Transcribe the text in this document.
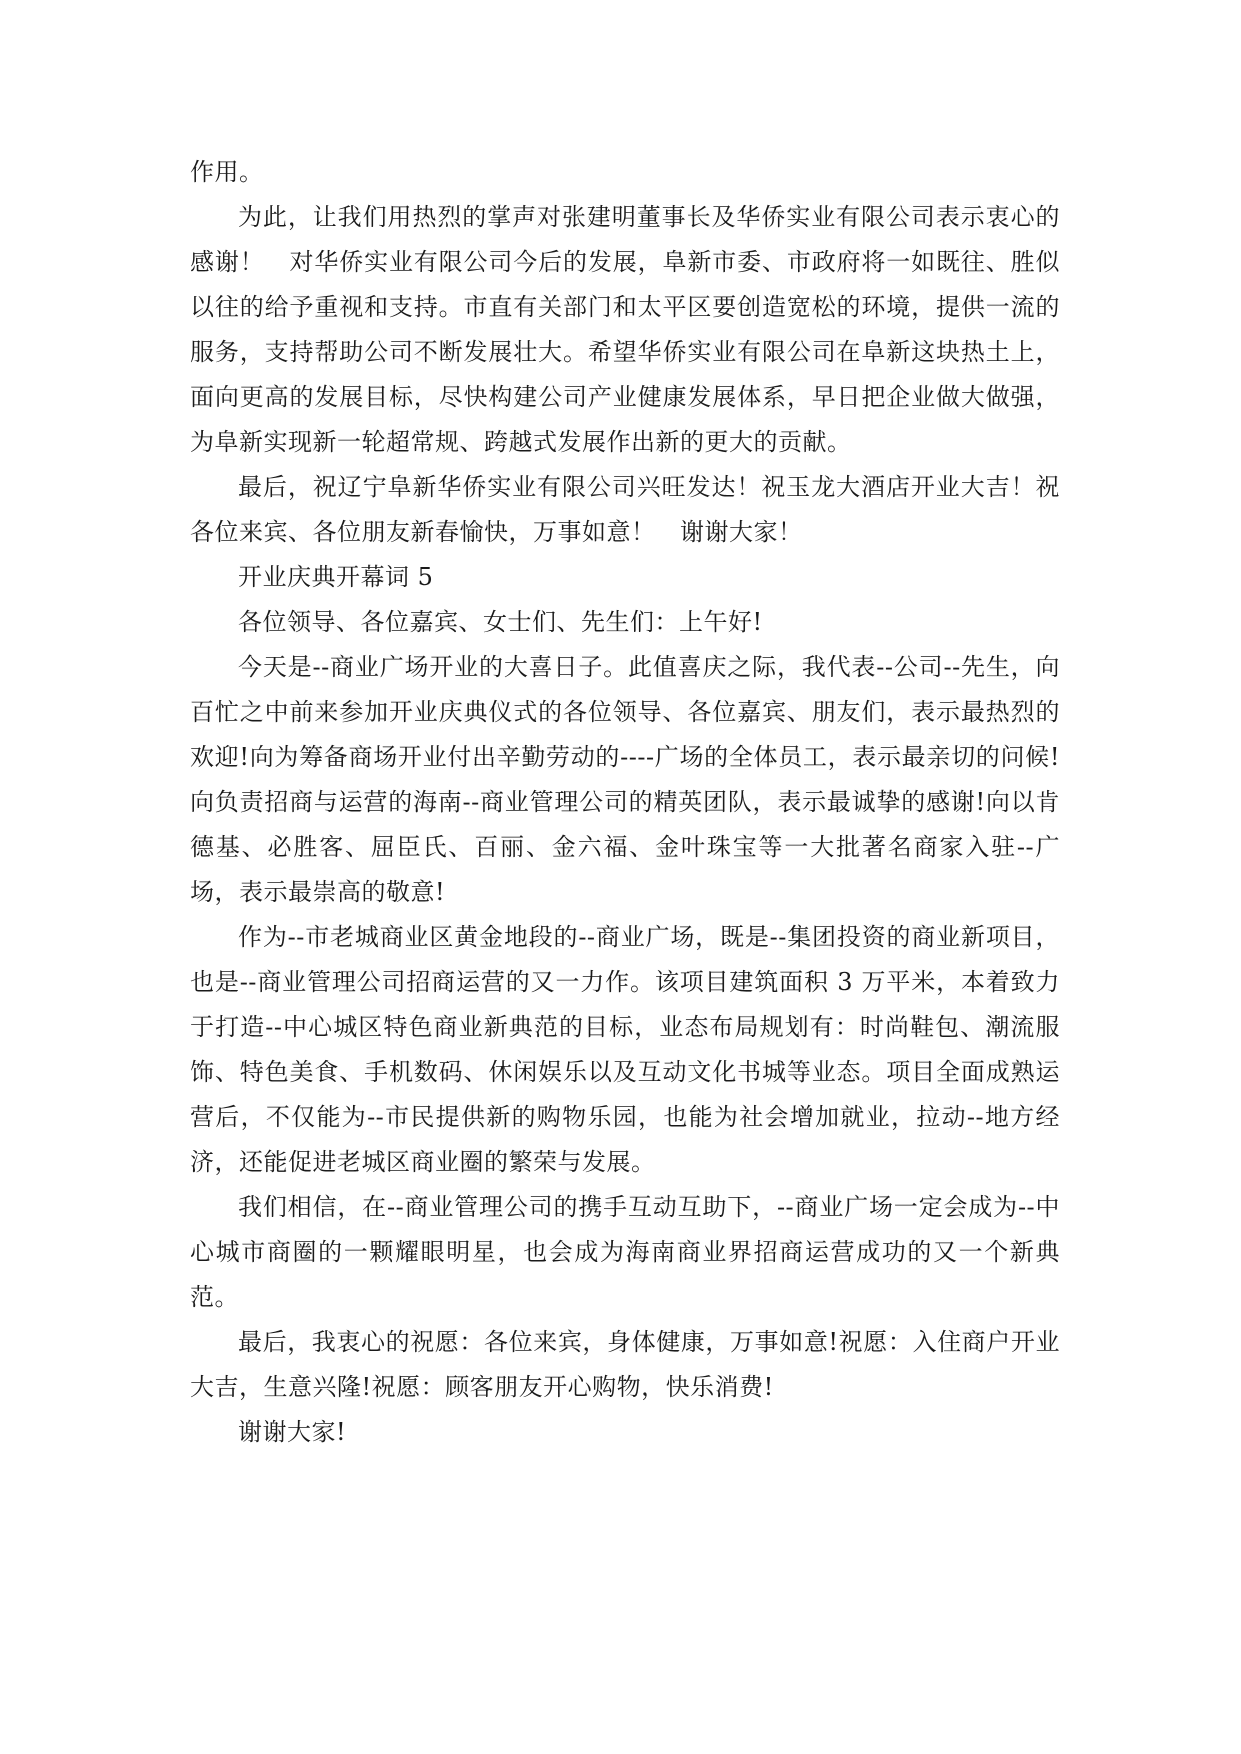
作用。

为此，让我们用热烈的掌声对张建明董事长及华侨实业有限公司表示衷心的感谢！　对华侨实业有限公司今后的发展，阜新市委、市政府将一如既往、胜似以往的给予重视和支持。市直有关部门和太平区要创造宽松的环境，提供一流的服务，支持帮助公司不断发展壮大。希望华侨实业有限公司在阜新这块热土上，面向更高的发展目标，尽快构建公司产业健康发展体系，早日把企业做大做强，为阜新实现新一轮超常规、跨越式发展作出新的更大的贡献。

最后，祝辽宁阜新华侨实业有限公司兴旺发达！祝玉龙大酒店开业大吉！祝各位来宾、各位朋友新春愉快，万事如意！　谢谢大家！

开业庆典开幕词 5

各位领导、各位嘉宾、女士们、先生们：上午好!

今天是--商业广场开业的大喜日子。此值喜庆之际，我代表--公司--先生，向百忙之中前来参加开业庆典仪式的各位领导、各位嘉宾、朋友们，表示最热烈的欢迎!向为筹备商场开业付出辛勤劳动的----广场的全体员工，表示最亲切的问候!向负责招商与运营的海南--商业管理公司的精英团队，表示最诚挚的感谢!向以肯德基、必胜客、屈臣氏、百丽、金六福、金叶珠宝等一大批著名商家入驻--广场，表示最崇高的敬意!

作为--市老城商业区黄金地段的--商业广场，既是--集团投资的商业新项目，也是--商业管理公司招商运营的又一力作。该项目建筑面积 3 万平米，本着致力于打造--中心城区特色商业新典范的目标，业态布局规划有：时尚鞋包、潮流服饰、特色美食、手机数码、休闲娱乐以及互动文化书城等业态。项目全面成熟运营后，不仅能为--市民提供新的购物乐园，也能为社会增加就业，拉动--地方经济，还能促进老城区商业圈的繁荣与发展。

我们相信，在--商业管理公司的携手互动互助下，--商业广场一定会成为--中心城市商圈的一颗耀眼明星，也会成为海南商业界招商运营成功的又一个新典范。

最后，我衷心的祝愿：各位来宾，身体健康，万事如意!祝愿：入住商户开业大吉，生意兴隆!祝愿：顾客朋友开心购物，快乐消费!

谢谢大家!
